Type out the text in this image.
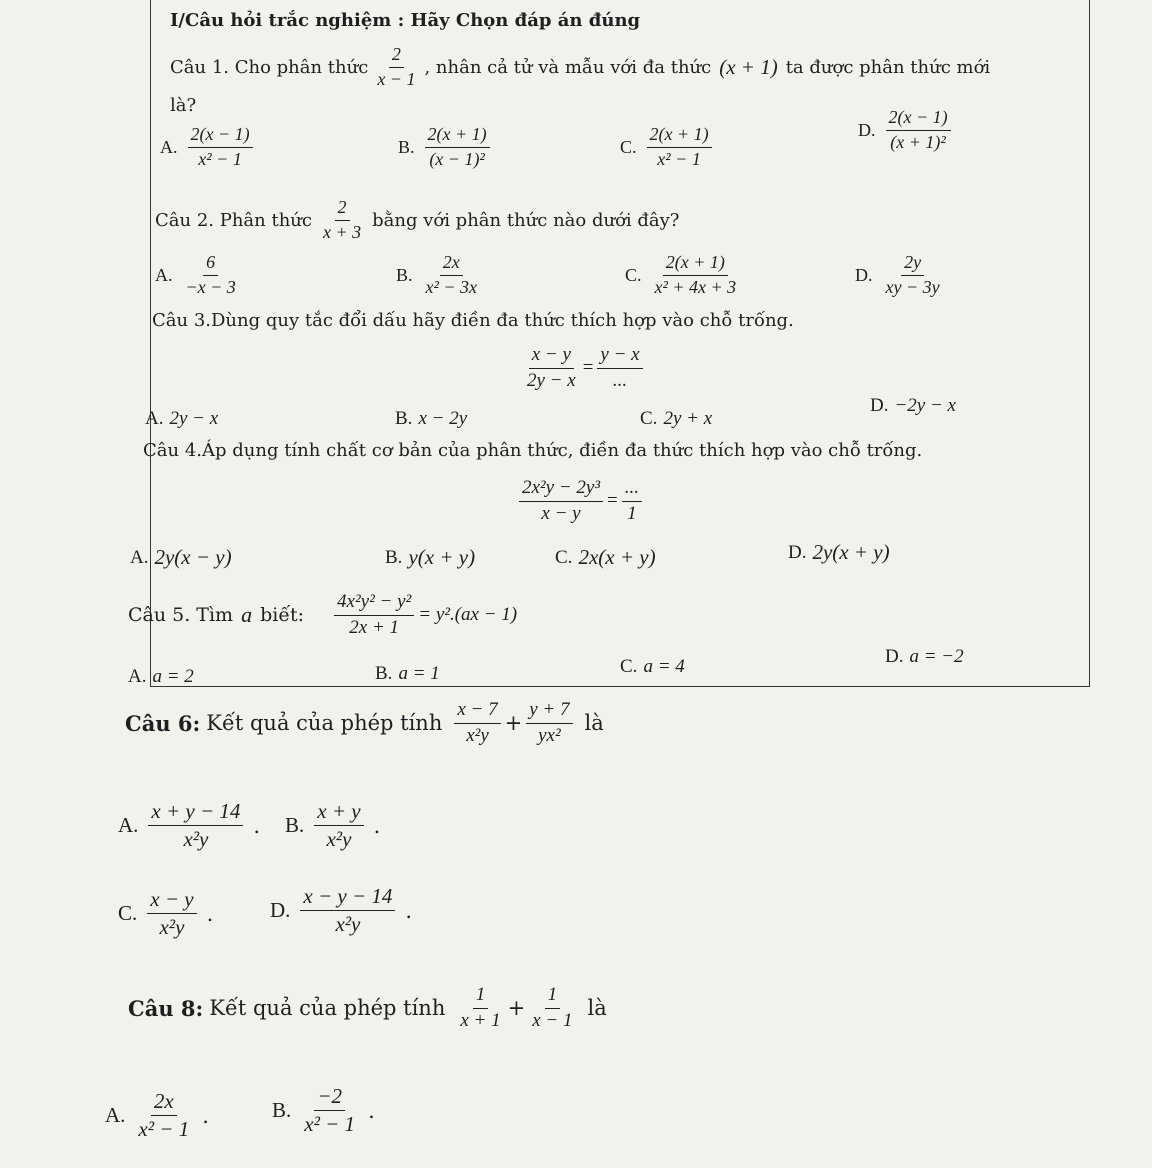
I/Câu hỏi trắc nghiệm : Hãy Chọn đáp án đúng
Câu 1. Cho phân thức $\frac{2}{x - 1}$ , nhân cả tử và mẫu với đa thức (x + 1) ta được phân thức mới
là?
A. $\frac{2(x - 1)}{\text{x² − 1}}$	B. $\frac{2(x + 1)}{\text{(x − 1)²}}$	C. $\frac{2(x + 1)}{\text{x² − 1}}$	D. $\frac{2(x - 1)}{\text{(x + 1)²}}$
Câu 2. Phân thức $\frac{2}{x + 3}$ bằng với phân thức nào dưới đây?
A. $\frac{6}{-x - 3}$	B. $\frac{2x}{\text{x² − 3x}}$	C. $\frac{2(x + 1)}{\text{x² + 4x + 3}}$	D. $\frac{2y}{xy - 3y}$
Câu 3.Dùng quy tắc đổi dấu hãy điền đa thức thích hợp vào chỗ trống.
$\frac{x - y}{2y - x} = \frac{y - x}{...}$
A. 2y − x	B. x − 2y	C. 2y + x
D. −2y − x
Câu 4.Áp dụng tính chất cơ bản của phân thức, điền đa thức thích hợp vào chỗ trống.
$\frac{\text{2x²y − 2y³}}{x - y} = \frac{...}{1}$
A. 2y(x − y)	B. y(x + y)	C. 2x(x + y)	D. 2y(x + y)
Câu 5. Tìm a biết: $\frac{\text{4x²y² − y²}}{2x + 1} = y^2.(ax - 1)$
A. a = 2	B. a = 1	C. a = 4	D. a = −2
Câu 6: Kết quả của phép tính $\frac{x - 7}{\text{x²y}} + \frac{y + 7}{\text{yx²}}$ là
A. $\frac{x + y - 14}{\text{x²y}}$ . B. $\frac{x + y}{\text{x²y}}$ .
C. $\frac{x - y}{\text{x²y}}$ .	D. $\frac{x - y - 14}{\text{x²y}}$ .
Câu 8: Kết quả của phép tính $\frac{1}{x + 1} + \frac{1}{x - 1}$ là
A. $\frac{2x}{\text{x² − 1}}$ .	B. $\frac{-2}{\text{x² − 1}}$ .
